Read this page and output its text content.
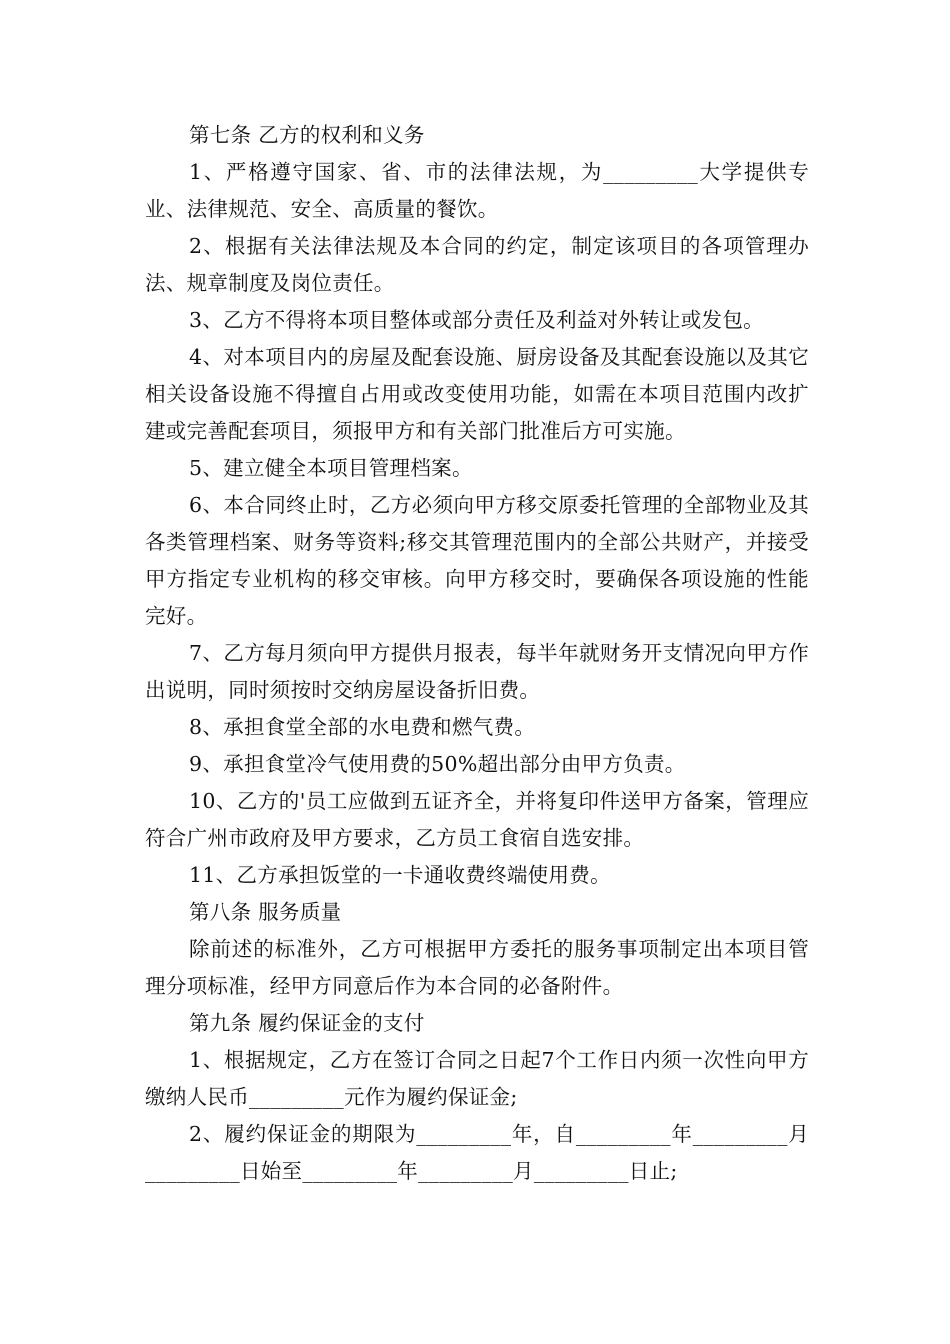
第七条 乙方的权利和义务

1、严格遵守国家、省、市的法律法规，为_________大学提供专业、法律规范、安全、高质量的餐饮。

2、根据有关法律法规及本合同的约定，制定该项目的各项管理办法、规章制度及岗位责任。

3、乙方不得将本项目整体或部分责任及利益对外转让或发包。

4、对本项目内的房屋及配套设施、厨房设备及其配套设施以及其它相关设备设施不得擅自占用或改变使用功能，如需在本项目范围内改扩建或完善配套项目，须报甲方和有关部门批准后方可实施。

5、建立健全本项目管理档案。

6、本合同终止时，乙方必须向甲方移交原委托管理的全部物业及其各类管理档案、财务等资料;移交其管理范围内的全部公共财产，并接受甲方指定专业机构的移交审核。向甲方移交时，要确保各项设施的性能完好。

7、乙方每月须向甲方提供月报表，每半年就财务开支情况向甲方作出说明，同时须按时交纳房屋设备折旧费。

8、承担食堂全部的水电费和燃气费。

9、承担食堂冷气使用费的50%超出部分由甲方负责。

10、乙方的'员工应做到五证齐全，并将复印件送甲方备案，管理应符合广州市政府及甲方要求，乙方员工食宿自选安排。

11、乙方承担饭堂的一卡通收费终端使用费。

第八条 服务质量

除前述的标准外，乙方可根据甲方委托的服务事项制定出本项目管理分项标准，经甲方同意后作为本合同的必备附件。

第九条 履约保证金的支付

1、根据规定，乙方在签订合同之日起7个工作日内须一次性向甲方缴纳人民币_________元作为履约保证金;

2、履约保证金的期限为_________年，自_________年_________月_________日始至_________年_________月_________日止;
